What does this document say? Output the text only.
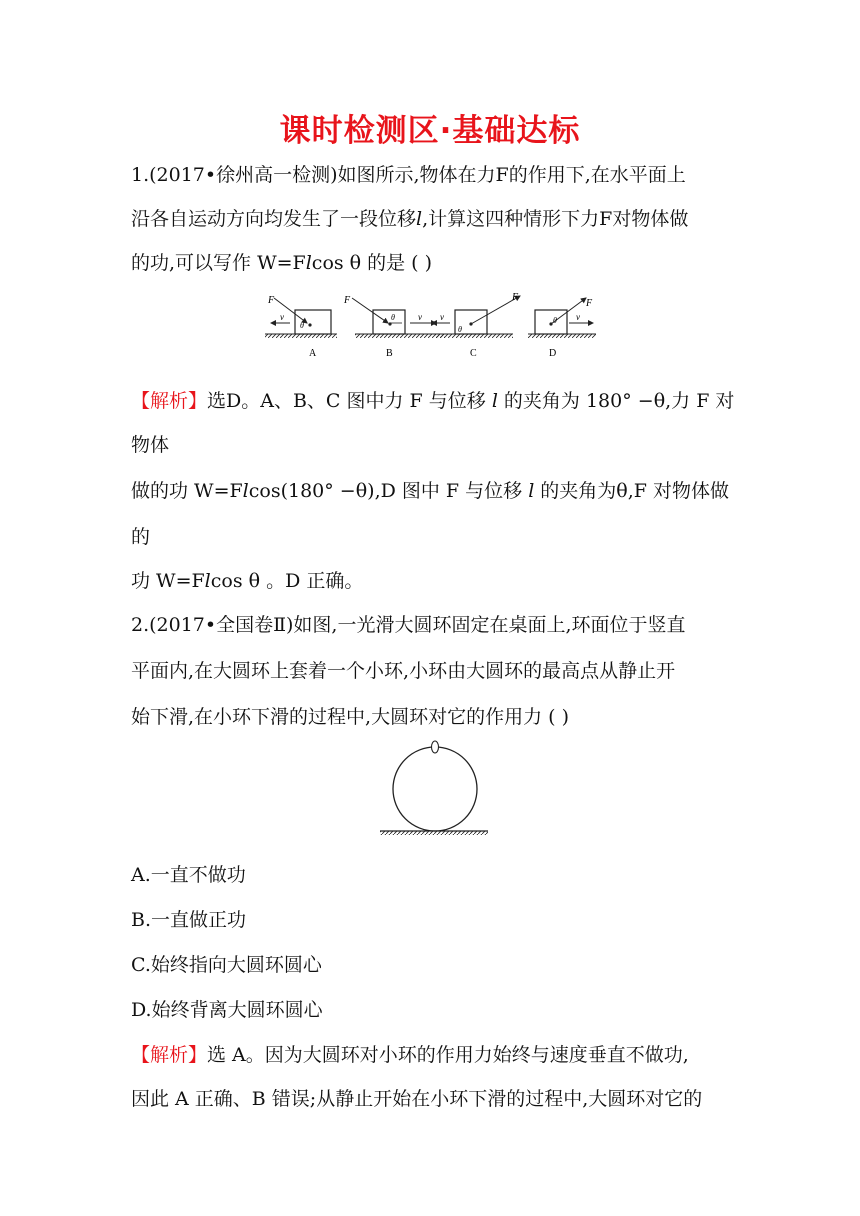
课时检测区·基础达标
1.(2017•徐州高一检测)如图所示,物体在力F的作用下,在水平面上
沿各自运动方向均发生了一段位移l,计算这四种情形下力F对物体做
的功,可以写作 W=Flcos θ 的是 ( )
F
v
θ
A
F
v
θ
B
F
v
θ
C
F
v
θ
D
【解析】选D。A、B、C 图中力 F 与位移 l 的夹角为 180° −θ,力 F 对
物体
做的功 W=Flcos(180° −θ),D 图中 F 与位移 l 的夹角为θ,F 对物体做
的
功 W=Flcos θ 。D 正确。
2.(2017•全国卷Ⅱ)如图,一光滑大圆环固定在桌面上,环面位于竖直
平面内,在大圆环上套着一个小环,小环由大圆环的最高点从静止开
始下滑,在小环下滑的过程中,大圆环对它的作用力 ( )
A.一直不做功
B.一直做正功
C.始终指向大圆环圆心
D.始终背离大圆环圆心
【解析】选 A。因为大圆环对小环的作用力始终与速度垂直不做功,
因此 A 正确、B 错误;从静止开始在小环下滑的过程中,大圆环对它的
